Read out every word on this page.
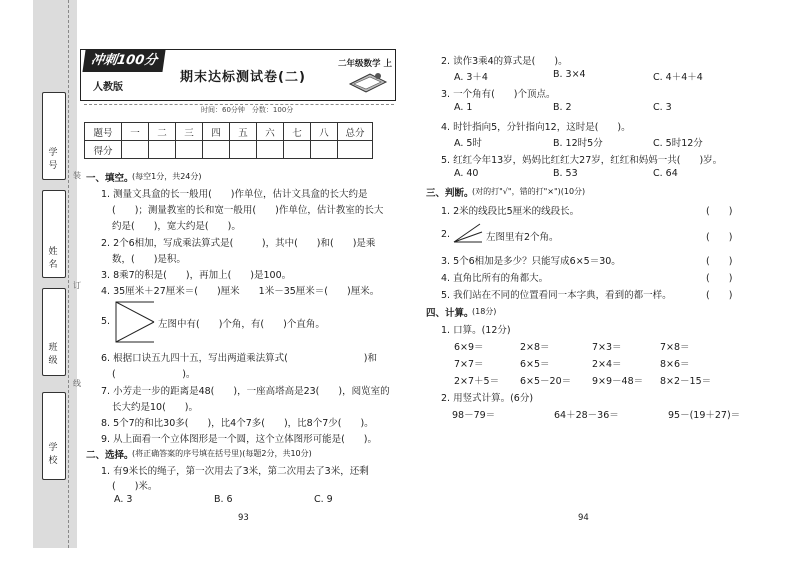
学号
姓名
班级
学校
装
订
线
冲刺100分
人教版
期末达标测试卷(二)
二年级数学 上
时间：60分钟　分数：100分
题号	一	二	三	四	五	六	七	八	总分
得分									
一、填空。
(每空1分，共24分)
1. 测量文具盒的长一般用(　　)作单位，估计文具盒的长大约是
(　　)；测量教室的长和宽一般用(　　)作单位，估计教室的长大
约是(　　)，宽大约是(　　)。
2. 2个6相加，写成乘法算式是(　　　)，其中(　　)和(　　)是乘
数，(　　)是积。
3. 8乘7的积是(　　)，再加上(　　)是100。
4. 35厘米＋27厘米＝(　　)厘米　　1米－35厘米＝(　　)厘米。
5.	左图中有(　　)个角，有(　　)个直角。
6. 根据口诀五九四十五，写出两道乘法算式(　　　　　　　　)和
(　　　　　　　)。
7. 小芳走一步的距离是48(　　)，一座高塔高是23(　　)，阅览室的
长大约是10(　　)。
8. 5个7的和比30多(　　)，比4个7多(　　)，比8个7少(　　)。
9. 从上面看一个立体图形是一个圆，这个立体图形可能是(　　)。
二、选择。
(将正确答案的序号填在括号里)(每题2分，共10分)
1. 有9米长的绳子，第一次用去了3米，第二次用去了3米，还剩
(　　)米。
A. 3	B. 6	C. 9
93
2. 读作3乘4的算式是(　　)。
A. 3＋4	B. 3×4	C. 4＋4＋4
3. 一个角有(　　)个顶点。
A. 1	B. 2	C. 3
4. 时针指向5，分针指向12，这时是(　　)。
A. 5时	B. 12时5分	C. 5时12分
5. 红红今年13岁，妈妈比红红大27岁，红红和妈妈一共(　　)岁。
A. 40	B. 53	C. 64
三、判断。
(对的打"√"，错的打"×")(10分)
1. 2米的线段比5厘米的线段长。	(　　)
2.	左图里有2个角。	(　　)
3. 5个6相加是多少？只能写成6×5＝30。	(　　)
4. 直角比所有的角都大。	(　　)
5. 我们站在不同的位置看同一本字典，看到的都一样。	(　　)
四、计算。
(18分)
1. 口算。(12分)
6×9＝	2×8＝	7×3＝	7×8＝
7×7＝	6×5＝	2×4＝	8×6＝
2×7＋5＝ 6×5－20＝ 9×9－48＝ 8×2－15＝
2. 用竖式计算。(6分)
98－79＝	64＋28－36＝	95－(19＋27)＝
94
